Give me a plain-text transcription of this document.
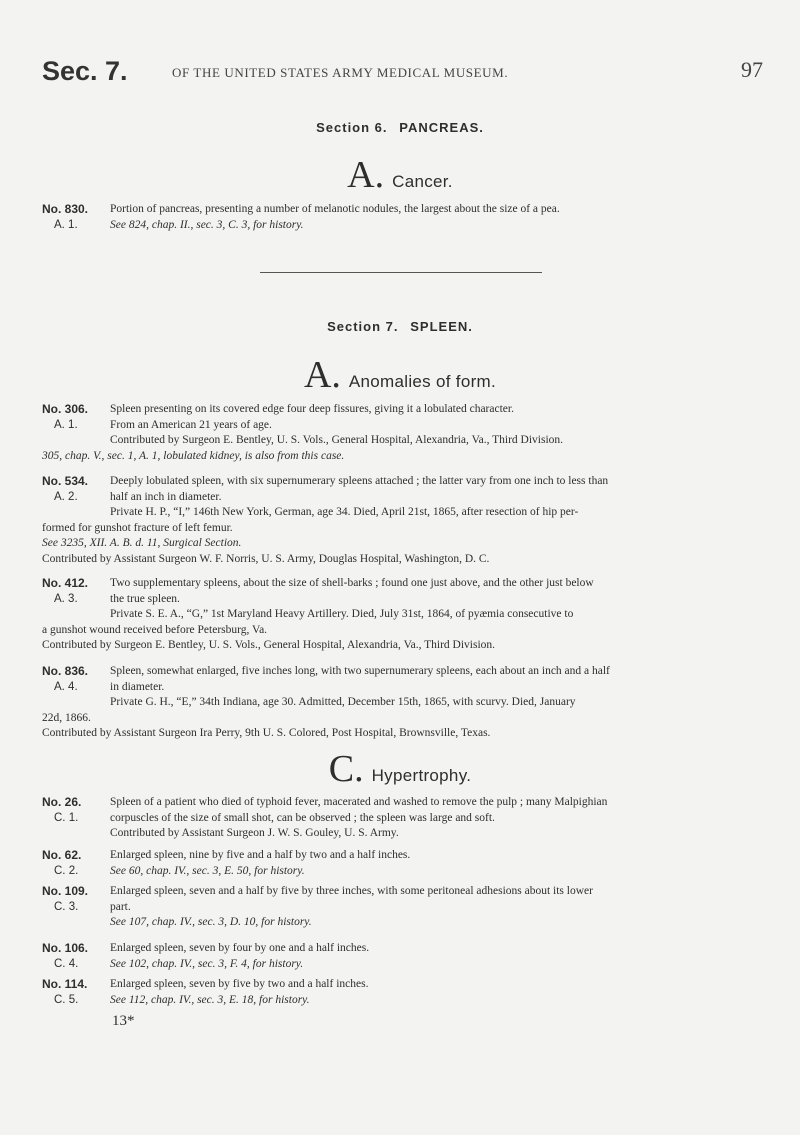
Sec. 7.	OF THE UNITED STATES ARMY MEDICAL MUSEUM.	97
Section 6. PANCREAS.
A. Cancer.
No. 830.
A. 1.
Portion of pancreas, presenting a number of melanotic nodules, the largest about the size of a pea.
See 824, chap. II., sec. 3, C. 3, for history.
Section 7. SPLEEN.
A. Anomalies of form.
No. 306.
A. 1.
Spleen presenting on its covered edge four deep fissures, giving it a lobulated character.
From an American 21 years of age.
Contributed by Surgeon E. Bentley, U. S. Vols., General Hospital, Alexandria, Va., Third Division.
305, chap. V., sec. 1, A. 1, lobulated kidney, is also from this case.
No. 534.
A. 2.
Deeply lobulated spleen, with six supernumerary spleens attached ; the latter vary from one inch to less than
half an inch in diameter.
Private H. P., “I,” 146th New York, German, age 34. Died, April 21st, 1865, after resection of hip per-
formed for gunshot fracture of left femur.
See 3235, XII. A. B. d. 11, Surgical Section.
Contributed by Assistant Surgeon W. F. Norris, U. S. Army, Douglas Hospital, Washington, D. C.
No. 412.
A. 3.
Two supplementary spleens, about the size of shell-barks ; found one just above, and the other just below
the true spleen.
Private S. E. A., “G,” 1st Maryland Heavy Artillery. Died, July 31st, 1864, of pyæmia consecutive to
a gunshot wound received before Petersburg, Va.
Contributed by Surgeon E. Bentley, U. S. Vols., General Hospital, Alexandria, Va., Third Division.
No. 836.
A. 4.
Spleen, somewhat enlarged, five inches long, with two supernumerary spleens, each about an inch and a half
in diameter.
Private G. H., “E,” 34th Indiana, age 30. Admitted, December 15th, 1865, with scurvy. Died, January
22d, 1866.
Contributed by Assistant Surgeon Ira Perry, 9th U. S. Colored, Post Hospital, Brownsville, Texas.
C. Hypertrophy.
No. 26.
C. 1.
Spleen of a patient who died of typhoid fever, macerated and washed to remove the pulp ; many Malpighian
corpuscles of the size of small shot, can be observed ; the spleen was large and soft.
Contributed by Assistant Surgeon J. W. S. Gouley, U. S. Army.
No. 62.
C. 2.
Enlarged spleen, nine by five and a half by two and a half inches.
See 60, chap. IV., sec. 3, E. 50, for history.
No. 109.
C. 3.
Enlarged spleen, seven and a half by five by three inches, with some peritoneal adhesions about its lower
part.
See 107, chap. IV., sec. 3, D. 10, for history.
No. 106.
C. 4.
Enlarged spleen, seven by four by one and a half inches.
See 102, chap. IV., sec. 3, F. 4, for history.
No. 114.
C. 5.
Enlarged spleen, seven by five by two and a half inches.
See 112, chap. IV., sec. 3, E. 18, for history.
13*
